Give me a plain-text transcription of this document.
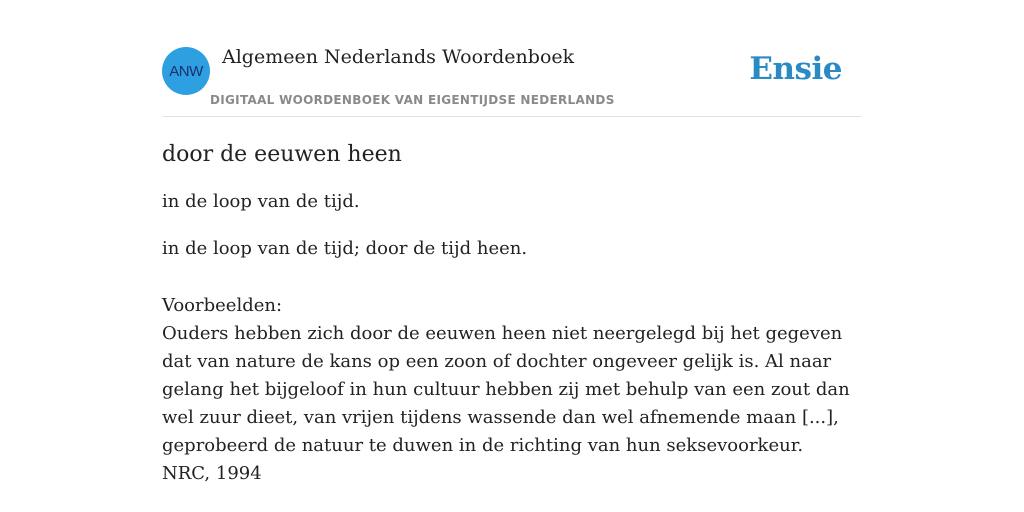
ANW
Algemeen Nederlands Woordenboek
DIGITAAL WOORDENBOEK VAN EIGENTIJDSE NEDERLANDS
Ensie
door de eeuwen heen

in de loop van de tijd.

in de loop van de tijd; door de tijd heen.

Voorbeelden:
Ouders hebben zich door de eeuwen heen niet neergelegd bij het gegeven dat van nature de kans op een zoon of dochter ongeveer gelijk is. Al naar gelang het bijgeloof in hun cultuur hebben zij met behulp van een zout dan wel zuur dieet, van vrijen tijdens wassende dan wel afnemende maan [...], geprobeerd de natuur te duwen in de richting van hun seksevoorkeur.
NRC, 1994
